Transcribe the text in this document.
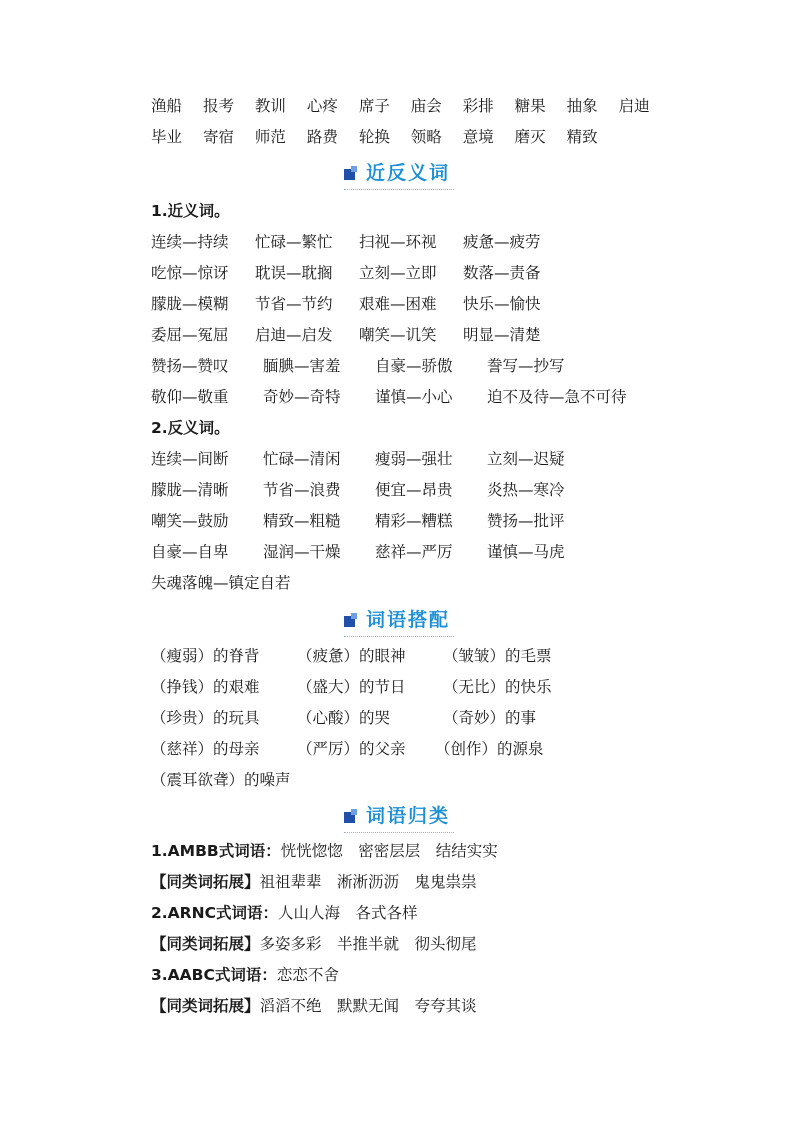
渔船 报考 教训 心疼 席子 庙会 彩排 糖果 抽象 启迪
毕业 寄宿 师范 路费 轮换 领略 意境 磨灭 精致
近反义词
1.近义词。
连续—持续 忙碌—繁忙 扫视—环视 疲惫—疲劳
吃惊—惊讶 耽误—耽搁 立刻—立即 数落—责备
朦胧—模糊 节省—节约 艰难—困难 快乐—愉快
委屈—冤屈 启迪—启发 嘲笑—讥笑 明显—清楚
赞扬—赞叹 腼腆—害羞 自豪—骄傲 誊写—抄写
敬仰—敬重 奇妙—奇特 谨慎—小心 迫不及待—急不可待
2.反义词。
连续—间断 忙碌—清闲 瘦弱—强壮 立刻—迟疑
朦胧—清晰 节省—浪费 便宜—昂贵 炎热—寒冷
嘲笑—鼓励 精致—粗糙 精彩—糟糕 赞扬—批评
自豪—自卑 湿润—干燥 慈祥—严厉 谨慎—马虎
失魂落魄—镇定自若
词语搭配
（瘦弱）的脊背 （疲惫）的眼神 （皱皱）的毛票
（挣钱）的艰难 （盛大）的节日 （无比）的快乐
（珍贵）的玩具 （心酸）的哭	（奇妙）的事
（慈祥）的母亲 （严厉）的父亲 （创作）的源泉
（震耳欲聋）的噪声
词语归类
1.AMBB式词语：恍恍惚惚　密密层层　结结实实
【同类词拓展】祖祖辈辈　淅淅沥沥　鬼鬼祟祟
2.ARNC式词语：人山人海　各式各样
【同类词拓展】多姿多彩　半推半就　彻头彻尾
3.AABC式词语：恋恋不舍
【同类词拓展】滔滔不绝　默默无闻　夸夸其谈
